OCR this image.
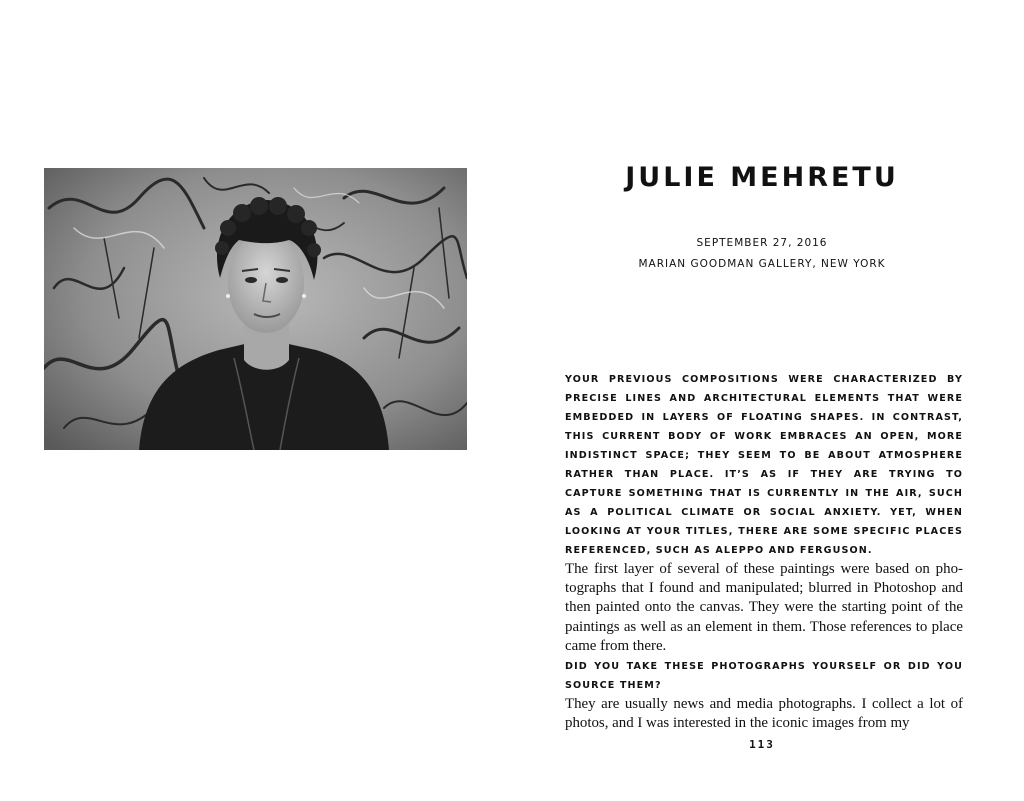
JULIE MEHRETU
SEPTEMBER 27, 2016
MARIAN GOODMAN GALLERY, NEW YORK

YOUR PREVIOUS COMPOSITIONS WERE CHARACTERIZED BY PRECISE LINES AND ARCHITECTURAL ELEMENTS THAT WERE EMBEDDED IN LAYERS OF FLOATING SHAPES. IN CONTRAST, THIS CURRENT BODY OF WORK EMBRACES AN OPEN, MORE INDISTINCT SPACE; THEY SEEM TO BE ABOUT ATMOSPHERE RATHER THAN PLACE. IT’S AS IF THEY ARE TRYING TO CAPTURE SOMETHING THAT IS CURRENTLY IN THE AIR, SUCH AS A POLITICAL CLIMATE OR SOCIAL ANXIETY. YET, WHEN LOOKING AT YOUR TITLES, THERE ARE SOME SPECIFIC PLACES REFERENCED, SUCH AS ALEPPO AND FERGUSON.

The first layer of several of these paintings were based on photographs that I found and manipulated; blurred in Photoshop and then painted onto the canvas. They were the starting point of the paintings as well as an element in them. Those references to place came from there.

DID YOU TAKE THESE PHOTOGRAPHS YOURSELF OR DID YOU SOURCE THEM?

They are usually news and media photographs. I collect a lot of photos, and I was interested in the iconic images from my

113
